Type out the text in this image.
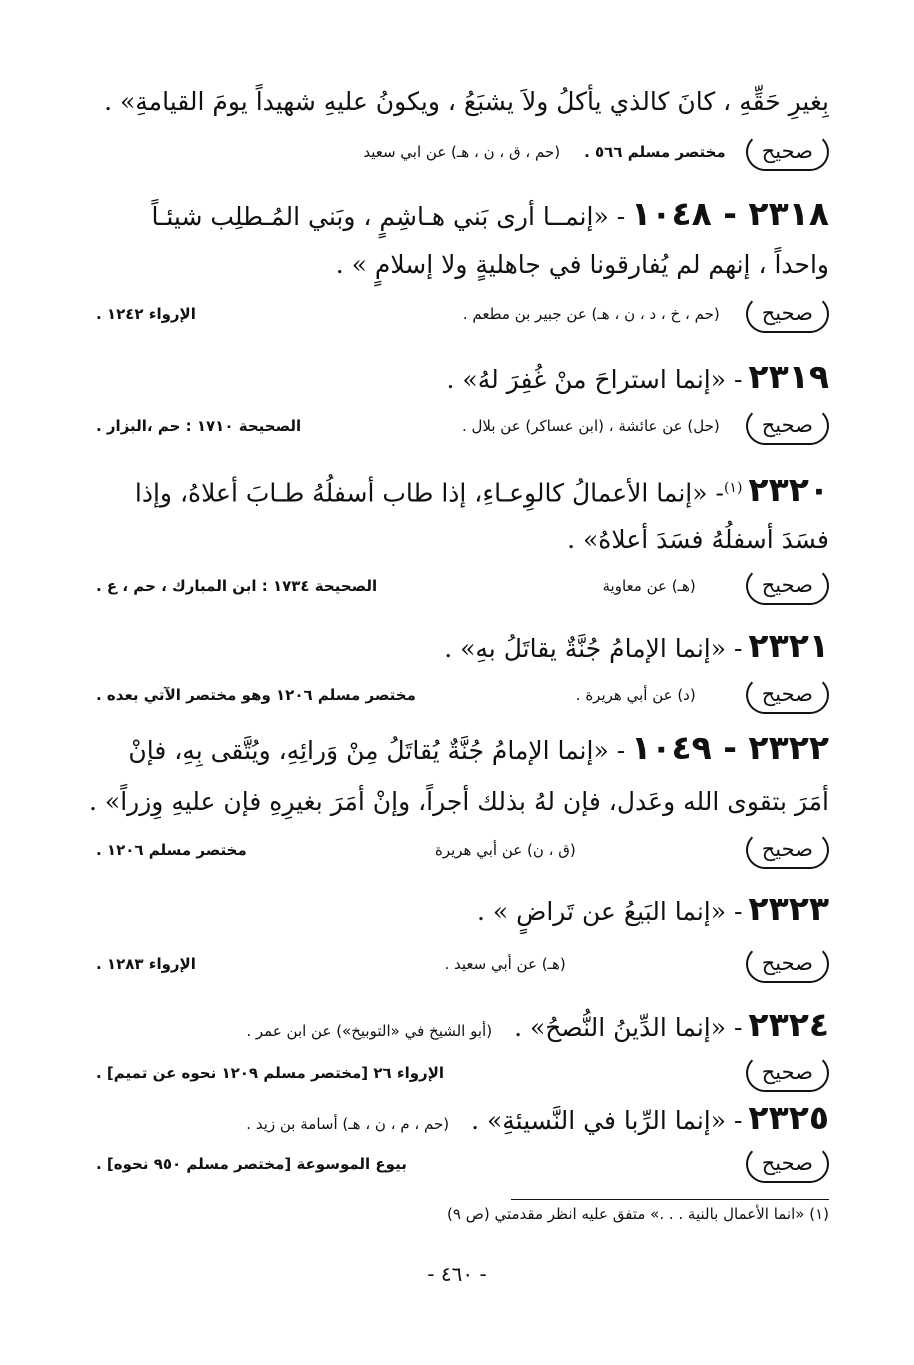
بِغيرِ حَقِّهِ ، كانَ كالذي يأكلُ ولاَ يشبَعُ ، ويكونُ عليهِ شهيداً يومَ القيامةِ» .
صحيح
مختصر مسلم ٥٦٦ .
(حم ، ق ، ن ، هـ) عن ابي سعيد
٢٣١٨ - ١٠٤٨- «إنمــا أرى بَني هـاشِمٍ ، وبَني المُـطلِب شيئـاً
واحداً ، إنهم لم يُفارقونا في جاهليةٍ ولا إسلامٍ » .
صحيح
(حم ، خ ، د ، ن ، هـ) عن جبير بن مطعم .
الإرواء ١٢٤٢ .
٢٣١٩- «إنما استراحَ منْ غُفِرَ لهُ» .
صحيح
(حل) عن عائشة ، (ابن عساكر) عن بلال .
الصحيحة ١٧١٠ : حم ،البزار .
٢٣٢٠$^{(١)}$- «إنما الأعمالُ كالوِعـاءِ، إذا طاب أسفلُهُ طـابَ أعلاهُ، وإذا
فسَدَ أسفلُهُ فسَدَ أعلاهُ» .
صحيح
(هـ) عن معاوية
الصحيحة ١٧٣٤ : ابن المبارك ، حم ، ع .
٢٣٢١- «إنما الإمامُ جُنَّةٌ يقاتَلُ بهِ» .
صحيح
(د) عن أبي هريرة .
مختصر مسلم ١٢٠٦ وهو مختصر الآتي بعده .
٢٣٢٢ - ١٠٤٩- «إنما الإمامُ جُنَّةٌ يُقاتَلُ مِنْ وَرائِهِ، ويُتَّقى بِهِ، فإنْ
أمَرَ بتقوى الله وعَدل، فإن لهُ بذلك أجراً، وإنْ أمَرَ بغيرِهِ فإن عليهِ وِزراً» .
صحيح
(ق ، ن) عن أبي هريرة
مختصر مسلم ١٢٠٦ .
٢٣٢٣- «إنما البَيعُ عن تَراضٍ » .
صحيح
(هـ) عن أبي سعيد .
الإرواء ١٢٨٣ .
٢٣٢٤- «إنما الدِّينُ النُّصحُ» .(أبو الشيخ في «التوبيخ») عن ابن عمر .
صحيح
الإرواء ٢٦ [مختصر مسلم ١٢٠٩ نحوه عن تميم] .
٢٣٢٥- «إنما الرِّبا في النَّسيئةِ» .(حم ، م ، ن ، هـ) أسامة بن زيد .
صحيح
بيوع الموسوعة [مختصر مسلم ٩٥٠ نحوه] .
(١) «انما الأعمال بالنية . . .» متفق عليه انظر مقدمتي (ص ٩)
- ٤٦٠ -
